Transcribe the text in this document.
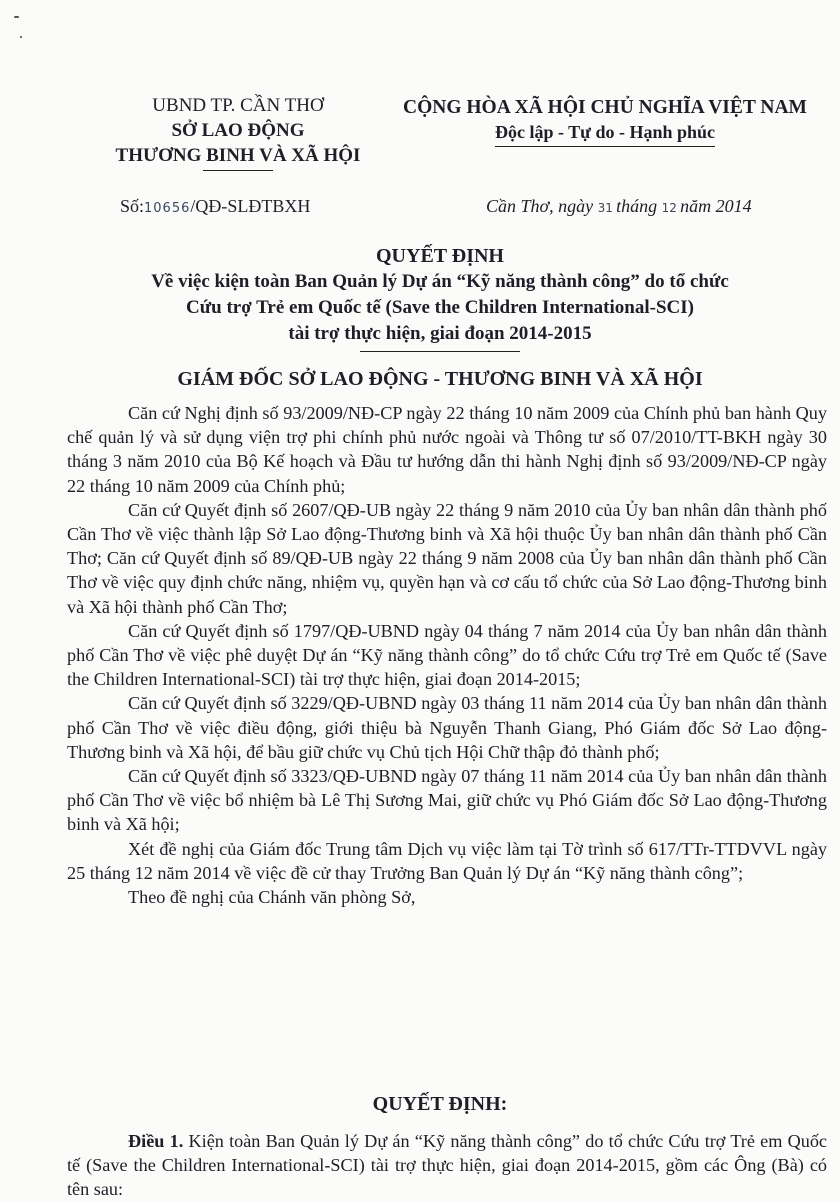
UBND TP. CẦN THƠ
SỞ LAO ĐỘNG
THƯƠNG BINH VÀ XÃ HỘI
CỘNG HÒA XÃ HỘI CHỦ NGHĨA VIỆT NAM
Độc lập - Tự do - Hạnh phúc
Số:10656/QĐ-SLĐTBXH	Cần Thơ, ngày 31 tháng 12 năm 2014
QUYẾT ĐỊNH
Về việc kiện toàn Ban Quản lý Dự án “Kỹ năng thành công” do tổ chức
Cứu trợ Trẻ em Quốc tế (Save the Children International-SCI)
tài trợ thực hiện, giai đoạn 2014-2015
GIÁM ĐỐC SỞ LAO ĐỘNG - THƯƠNG BINH VÀ XÃ HỘI

Căn cứ Nghị định số 93/2009/NĐ-CP ngày 22 tháng 10 năm 2009 của Chính phủ ban hành Quy chế quản lý và sử dụng viện trợ phi chính phủ nước ngoài và Thông tư số 07/2010/TT-BKH ngày 30 tháng 3 năm 2010 của Bộ Kế hoạch và Đầu tư hướng dẫn thi hành Nghị định số 93/2009/NĐ-CP ngày 22 tháng 10 năm 2009 của Chính phủ;

Căn cứ Quyết định số 2607/QĐ-UB ngày 22 tháng 9 năm 2010 của Ủy ban nhân dân thành phố Cần Thơ về việc thành lập Sở Lao động-Thương binh và Xã hội thuộc Ủy ban nhân dân thành phố Cần Thơ; Căn cứ Quyết định số 89/QĐ-UB ngày 22 tháng 9 năm 2008 của Ủy ban nhân dân thành phố Cần Thơ về việc quy định chức năng, nhiệm vụ, quyền hạn và cơ cấu tổ chức của Sở Lao động-Thương binh và Xã hội thành phố Cần Thơ;

Căn cứ Quyết định số 1797/QĐ-UBND ngày 04 tháng 7 năm 2014 của Ủy ban nhân dân thành phố Cần Thơ về việc phê duyệt Dự án “Kỹ năng thành công” do tổ chức Cứu trợ Trẻ em Quốc tế (Save the Children International-SCI) tài trợ thực hiện, giai đoạn 2014-2015;

Căn cứ Quyết định số 3229/QĐ-UBND ngày 03 tháng 11 năm 2014 của Ủy ban nhân dân thành phố Cần Thơ về việc điều động, giới thiệu bà Nguyễn Thanh Giang, Phó Giám đốc Sở Lao động-Thương binh và Xã hội, để bầu giữ chức vụ Chủ tịch Hội Chữ thập đỏ thành phố;

Căn cứ Quyết định số 3323/QĐ-UBND ngày 07 tháng 11 năm 2014 của Ủy ban nhân dân thành phố Cần Thơ về việc bổ nhiệm bà Lê Thị Sương Mai, giữ chức vụ Phó Giám đốc Sở Lao động-Thương binh và Xã hội;

Xét đề nghị của Giám đốc Trung tâm Dịch vụ việc làm tại Tờ trình số 617/TTr-TTDVVL ngày 25 tháng 12 năm 2014 về việc đề cử thay Trưởng Ban Quản lý Dự án “Kỹ năng thành công”;

Theo đề nghị của Chánh văn phòng Sở,

QUYẾT ĐỊNH:

Điều 1. Kiện toàn Ban Quản lý Dự án “Kỹ năng thành công” do tổ chức Cứu trợ Trẻ em Quốc tế (Save the Children International-SCI) tài trợ thực hiện, giai đoạn 2014-2015, gồm các Ông (Bà) có tên sau:
